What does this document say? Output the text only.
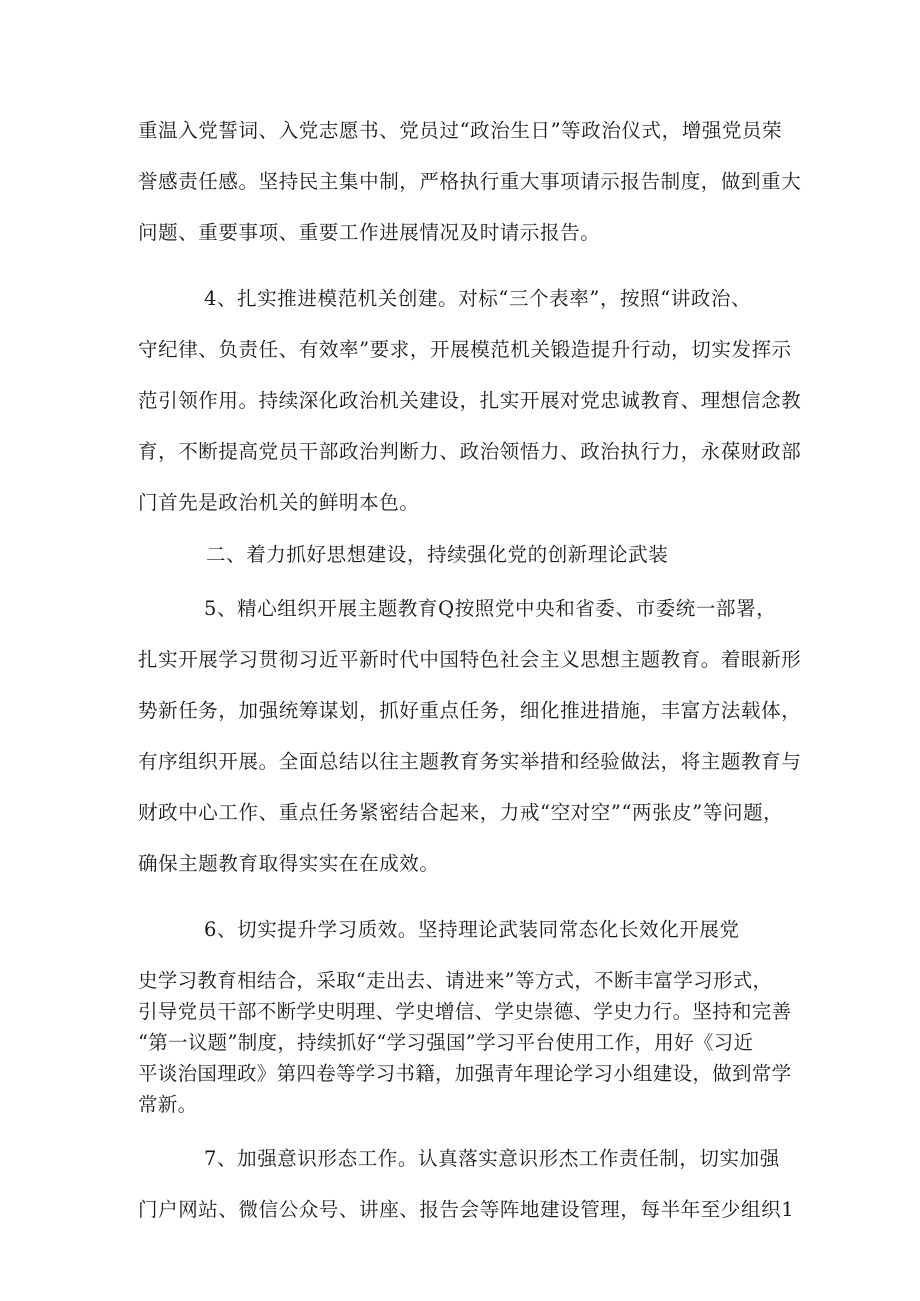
重温入党誓词、入党志愿书、党员过“政治生日”等政治仪式，增强党员荣
誉感责任感。坚持民主集中制，严格执行重大事项请示报告制度，做到重大
问题、重要事项、重要工作进展情况及时请示报告。
4、扎实推进模范机关创建。对标“三个表率”，按照“讲政治、
守纪律、负责任、有效率”要求，开展模范机关锻造提升行动，切实发挥示
范引领作用。持续深化政治机关建设，扎实开展对党忠诚教育、理想信念教
育，不断提高党员干部政治判断力、政治领悟力、政治执行力，永葆财政部
门首先是政治机关的鲜明本色。
二、着力抓好思想建设，持续强化党的创新理论武装
5、精心组织开展主题教育Q按照党中央和省委、市委统一部署，
扎实开展学习贯彻习近平新时代中国特色社会主义思想主题教育。着眼新形
势新任务，加强统筹谋划，抓好重点任务，细化推进措施，丰富方法载体，
有序组织开展。全面总结以往主题教育务实举措和经验做法，将主题教育与
财政中心工作、重点任务紧密结合起来，力戒“空对空”“两张皮”等问题，
确保主题教育取得实实在在成效。
6、切实提升学习质效。坚持理论武装同常态化长效化开展党
史学习教育相结合，采取“走出去、请进来”等方式，不断丰富学习形式，
引导党员干部不断学史明理、学史增信、学史崇德、学史力行。坚持和完善
“第一议题”制度，持续抓好“学习强国”学习平台使用工作，用好《习近
平谈治国理政》第四卷等学习书籍，加强青年理论学习小组建设，做到常学
常新。
7、加强意识形态工作。认真落实意识形杰工作责任制，切实加强
门户网站、微信公众号、讲座、报告会等阵地建设管理，每半年至少组织1
